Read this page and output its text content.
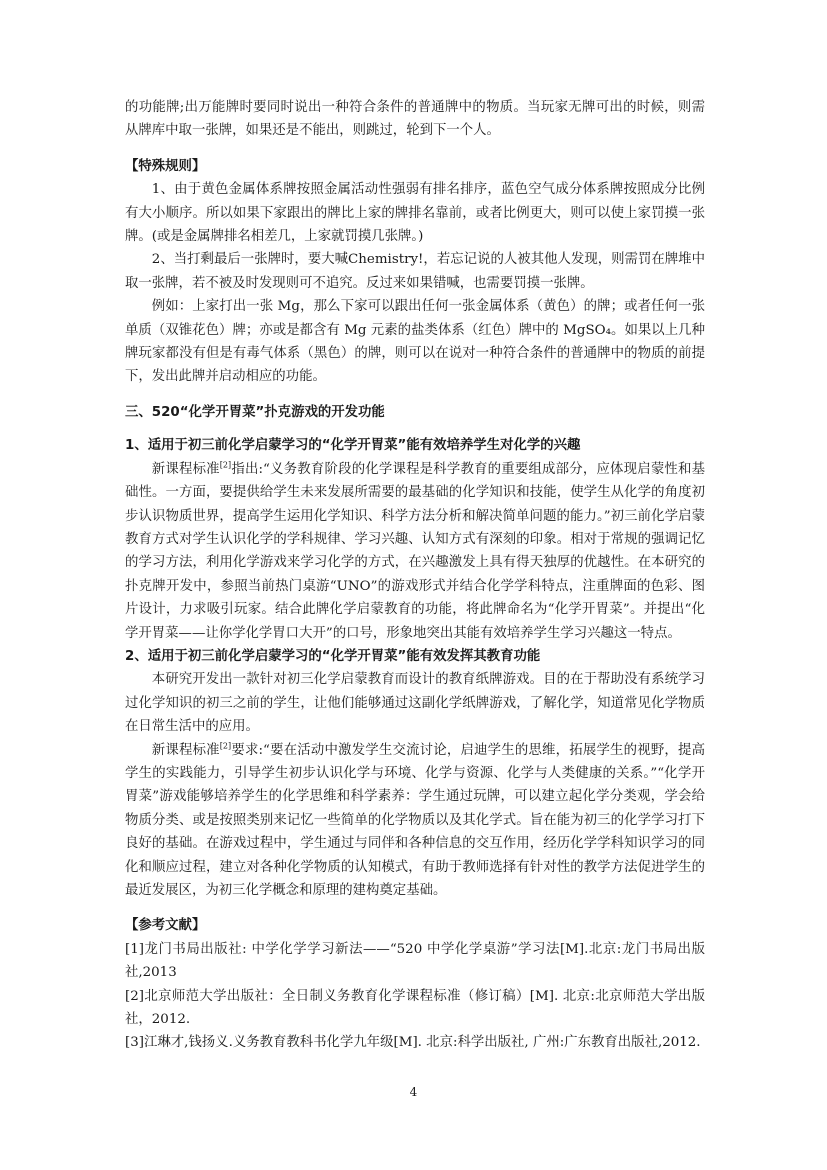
的功能牌;出万能牌时要同时说出一种符合条件的普通牌中的物质。当玩家无牌可出的时候，则需从牌库中取一张牌，如果还是不能出，则跳过，轮到下一个人。

【特殊规则】

1、由于黄色金属体系牌按照金属活动性强弱有排名排序，蓝色空气成分体系牌按照成分比例有大小顺序。所以如果下家跟出的牌比上家的牌排名靠前，或者比例更大，则可以使上家罚摸一张牌。(或是金属牌排名相差几，上家就罚摸几张牌。)

2、当打剩最后一张牌时，要大喊Chemistry!，若忘记说的人被其他人发现，则需罚在牌堆中取一张牌，若不被及时发现则可不追究。反过来如果错喊，也需要罚摸一张牌。

例如：上家打出一张 Mg，那么下家可以跟出任何一张金属体系（黄色）的牌；或者任何一张单质（双锥花色）牌；亦或是都含有 Mg 元素的盐类体系（红色）牌中的 MgSO₄。如果以上几种牌玩家都没有但是有毒气体系（黑色）的牌，则可以在说对一种符合条件的普通牌中的物质的前提下，发出此牌并启动相应的功能。

三、520“化学开胃菜”扑克游戏的开发功能

1、适用于初三前化学启蒙学习的“化学开胃菜”能有效培养学生对化学的兴趣

新课程标准[2]指出:“义务教育阶段的化学课程是科学教育的重要组成部分，应体现启蒙性和基础性。一方面，要提供给学生未来发展所需要的最基础的化学知识和技能，使学生从化学的角度初步认识物质世界，提高学生运用化学知识、科学方法分析和解决简单问题的能力。”初三前化学启蒙教育方式对学生认识化学的学科规律、学习兴趣、认知方式有深刻的印象。相对于常规的强调记忆的学习方法，利用化学游戏来学习化学的方式，在兴趣激发上具有得天独厚的优越性。在本研究的扑克牌开发中，参照当前热门桌游“UNO”的游戏形式并结合化学学科特点，注重牌面的色彩、图片设计，力求吸引玩家。结合此牌化学启蒙教育的功能，将此牌命名为“化学开胃菜”。并提出“化学开胃菜——让你学化学胃口大开”的口号，形象地突出其能有效培养学生学习兴趣这一特点。

2、适用于初三前化学启蒙学习的“化学开胃菜”能有效发挥其教育功能

本研究开发出一款针对初三化学启蒙教育而设计的教育纸牌游戏。目的在于帮助没有系统学习过化学知识的初三之前的学生，让他们能够通过这副化学纸牌游戏，了解化学，知道常见化学物质在日常生活中的应用。

新课程标准[2]要求:“要在活动中激发学生交流讨论，启迪学生的思维，拓展学生的视野，提高学生的实践能力，引导学生初步认识化学与环境、化学与资源、化学与人类健康的关系。”“化学开胃菜”游戏能够培养学生的化学思维和科学素养：学生通过玩牌，可以建立起化学分类观，学会给物质分类、或是按照类别来记忆一些简单的化学物质以及其化学式。旨在能为初三的化学学习打下良好的基础。在游戏过程中，学生通过与同伴和各种信息的交互作用，经历化学学科知识学习的同化和顺应过程，建立对各种化学物质的认知模式，有助于教师选择有针对性的教学方法促进学生的最近发展区，为初三化学概念和原理的建构奠定基础。

【参考文献】

[1]龙门书局出版社: 中学化学学习新法——“520 中学化学桌游”学习法[M].北京:龙门书局出版社,2013

[2]北京师范大学出版社：全日制义务教育化学课程标准（修订稿）[M]. 北京:北京师范大学出版社，2012.

[3]江琳才,钱扬义.义务教育教科书化学九年级[M]. 北京:科学出版社, 广州:广东教育出版社,2012.

4
